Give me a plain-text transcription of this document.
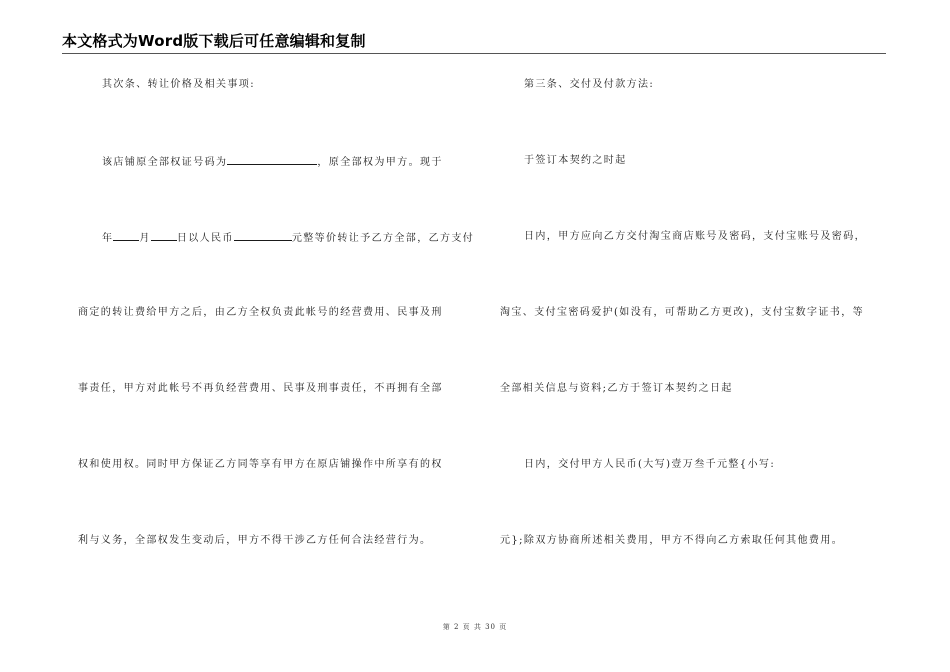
本文格式为Word版下载后可任意编辑和复制
其次条、转让价格及相关事项:
该店铺原全部权证号码为	，原全部权为甲方。现于
年	月	日以人民币	元整等价转让予乙方全部，乙方支付
商定的转让费给甲方之后，由乙方全权负责此帐号的经营费用、民事及刑
事责任，甲方对此帐号不再负经营费用、民事及刑事责任，不再拥有全部
权和使用权。同时甲方保证乙方同等享有甲方在原店铺操作中所享有的权
利与义务，全部权发生变动后，甲方不得干涉乙方任何合法经营行为。
第三条、交付及付款方法:
于签订本契约之时起
日内，甲方应向乙方交付淘宝商店账号及密码，支付宝账号及密码，
淘宝、支付宝密码爱护(如没有，可帮助乙方更改)，支付宝数字证书，等
全部相关信息与资料;乙方于签订本契约之日起
日内，交付甲方人民币(大写)壹万叁千元整{小写:
元};除双方协商所述相关费用，甲方不得向乙方索取任何其他费用。
第 2 页 共 30 页
